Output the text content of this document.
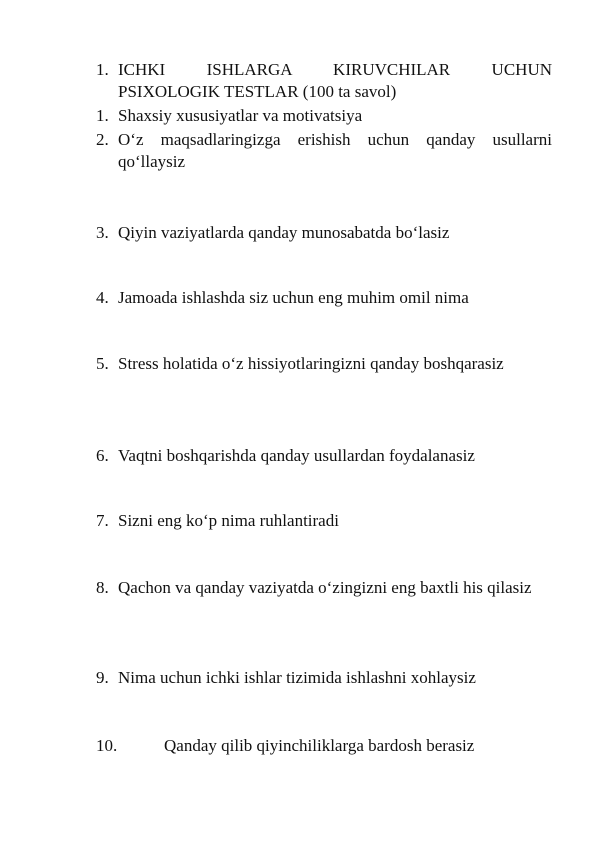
1. ICHKI ISHLARGA KIRUVCHILAR UCHUN
PSIXOLOGIK TESTLAR (100 ta savol)
1. Shaxsiy xususiyatlar va motivatsiya
2. O‘z maqsadlaringizga erishish uchun qanday usullarni qo‘llaysiz
3. Qiyin vaziyatlarda qanday munosabatda bo‘lasiz
4. Jamoada ishlashda siz uchun eng muhim omil nima
5. Stress holatida o‘z hissiyotlaringizni qanday boshqarasiz
6. Vaqtni boshqarishda qanday usullardan foydalanasiz
7. Sizni eng ko‘p nima ruhlantiradi
8. Qachon va qanday vaziyatda o‘zingizni eng baxtli his qilasiz
9. Nima uchun ichki ishlar tizimida ishlashni xohlaysiz
10.	Qanday qilib qiyinchiliklarga bardosh berasiz
